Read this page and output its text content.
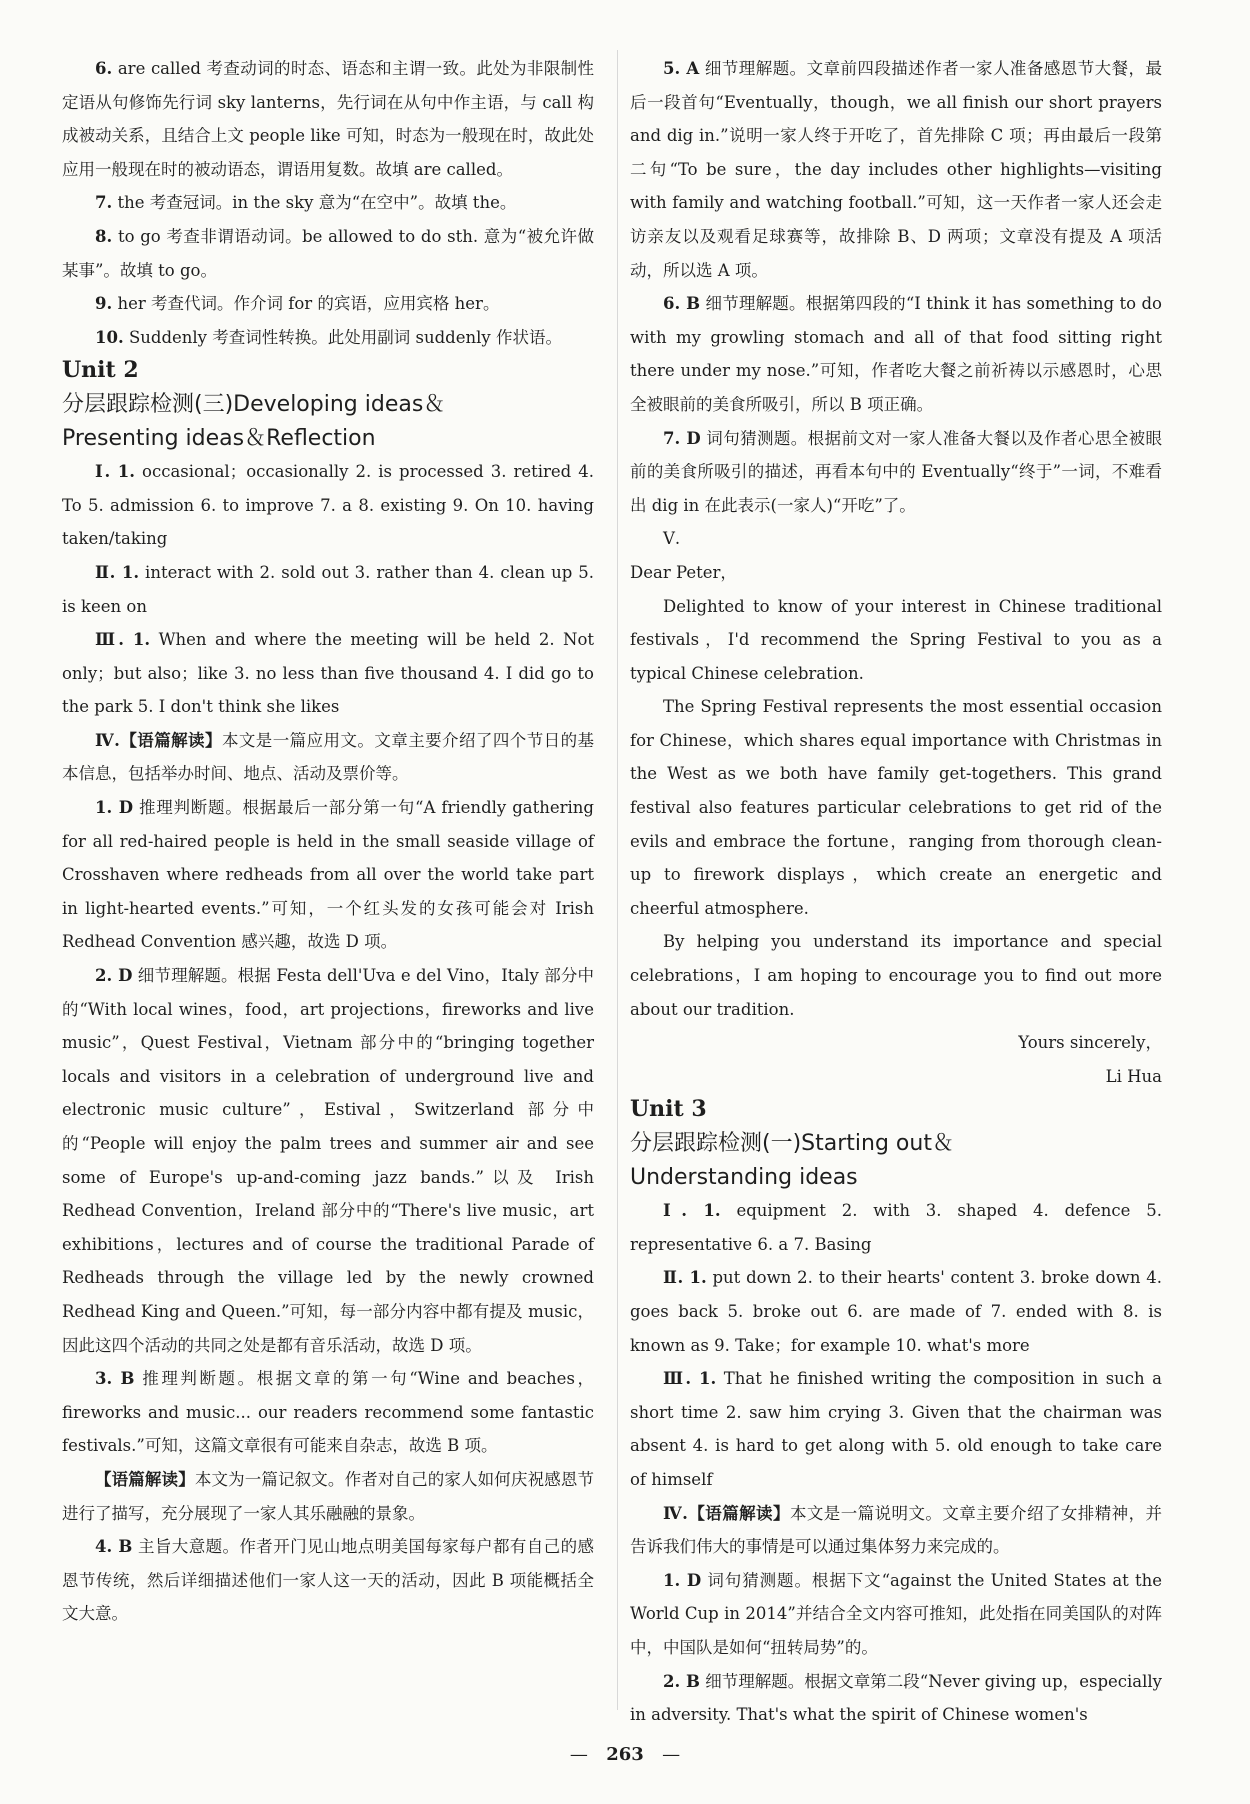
6. are called 考查动词的时态、语态和主谓一致。此处为非限制性定语从句修饰先行词 sky lanterns，先行词在从句中作主语，与 call 构成被动关系，且结合上文 people like 可知，时态为一般现在时，故此处应用一般现在时的被动语态，谓语用复数。故填 are called。

7. the 考查冠词。in the sky 意为“在空中”。故填 the。

8. to go 考查非谓语动词。be allowed to do sth. 意为“被允许做某事”。故填 to go。

9. her 考查代词。作介词 for 的宾语，应用宾格 her。

10. Suddenly 考查词性转换。此处用副词 suddenly 作状语。

Unit 2

分层跟踪检测(三)Developing ideas＆

Presenting ideas＆Reflection

Ⅰ. 1. occasional；occasionally 2. is processed 3. retired 4. To 5. admission 6. to improve 7. a 8. existing 9. On 10. having taken/taking

Ⅱ. 1. interact with 2. sold out 3. rather than 4. clean up 5. is keen on

Ⅲ. 1. When and where the meeting will be held 2. Not only；but also；like 3. no less than five thousand 4. I did go to the park 5. I don't think she likes

Ⅳ.【语篇解读】本文是一篇应用文。文章主要介绍了四个节日的基本信息，包括举办时间、地点、活动及票价等。

1. D 推理判断题。根据最后一部分第一句“A friendly gathering for all red-haired people is held in the small seaside village of Crosshaven where redheads from all over the world take part in light-hearted events.”可知，一个红头发的女孩可能会对 Irish Redhead Convention 感兴趣，故选 D 项。

2. D 细节理解题。根据 Festa dell'Uva e del Vino，Italy 部分中的“With local wines，food，art projections，fireworks and live music”，Quest Festival，Vietnam 部分中的“bringing together locals and visitors in a celebration of underground live and electronic music culture”，Estival，Switzerland 部分中的“People will enjoy the palm trees and summer air and see some of Europe's up-and-coming jazz bands.”以及 Irish Redhead Convention，Ireland 部分中的“There's live music，art exhibitions，lectures and of course the traditional Parade of Redheads through the village led by the newly crowned Redhead King and Queen.”可知，每一部分内容中都有提及 music，因此这四个活动的共同之处是都有音乐活动，故选 D 项。

3. B 推理判断题。根据文章的第一句“Wine and beaches，fireworks and music... our readers recommend some fantastic festivals.”可知，这篇文章很有可能来自杂志，故选 B 项。

【语篇解读】本文为一篇记叙文。作者对自己的家人如何庆祝感恩节进行了描写，充分展现了一家人其乐融融的景象。

4. B 主旨大意题。作者开门见山地点明美国每家每户都有自己的感恩节传统，然后详细描述他们一家人这一天的活动，因此 B 项能概括全文大意。

5. A 细节理解题。文章前四段描述作者一家人准备感恩节大餐，最后一段首句“Eventually，though，we all finish our short prayers and dig in.”说明一家人终于开吃了，首先排除 C 项；再由最后一段第二句“To be sure，the day includes other highlights—visiting with family and watching football.”可知，这一天作者一家人还会走访亲友以及观看足球赛等，故排除 B、D 两项；文章没有提及 A 项活动，所以选 A 项。

6. B 细节理解题。根据第四段的“I think it has something to do with my growling stomach and all of that food sitting right there under my nose.”可知，作者吃大餐之前祈祷以示感恩时，心思全被眼前的美食所吸引，所以 B 项正确。

7. D 词句猜测题。根据前文对一家人准备大餐以及作者心思全被眼前的美食所吸引的描述，再看本句中的 Eventually“终于”一词，不难看出 dig in 在此表示(一家人)“开吃”了。

Ⅴ.

Dear Peter，

Delighted to know of your interest in Chinese traditional festivals，I'd recommend the Spring Festival to you as a typical Chinese celebration.

The Spring Festival represents the most essential occasion for Chinese，which shares equal importance with Christmas in the West as we both have family get-togethers. This grand festival also features particular celebrations to get rid of the evils and embrace the fortune，ranging from thorough clean-up to firework displays，which create an energetic and cheerful atmosphere.

By helping you understand its importance and special celebrations，I am hoping to encourage you to find out more about our tradition.

Yours sincerely，

Li Hua

Unit 3

分层跟踪检测(一)Starting out＆

Understanding ideas

Ⅰ. 1. equipment 2. with 3. shaped 4. defence 5. representative 6. a 7. Basing

Ⅱ. 1. put down 2. to their hearts' content 3. broke down 4. goes back 5. broke out 6. are made of 7. ended with 8. is known as 9. Take；for example 10. what's more

Ⅲ. 1. That he finished writing the composition in such a short time 2. saw him crying 3. Given that the chairman was absent 4. is hard to get along with 5. old enough to take care of himself

Ⅳ.【语篇解读】本文是一篇说明文。文章主要介绍了女排精神，并告诉我们伟大的事情是可以通过集体努力来完成的。

1. D 词句猜测题。根据下文“against the United States at the World Cup in 2014”并结合全文内容可推知，此处指在同美国队的对阵中，中国队是如何“扭转局势”的。

2. B 细节理解题。根据文章第二段“Never giving up，especially in adversity. That's what the spirit of Chinese women's

— 263 —
